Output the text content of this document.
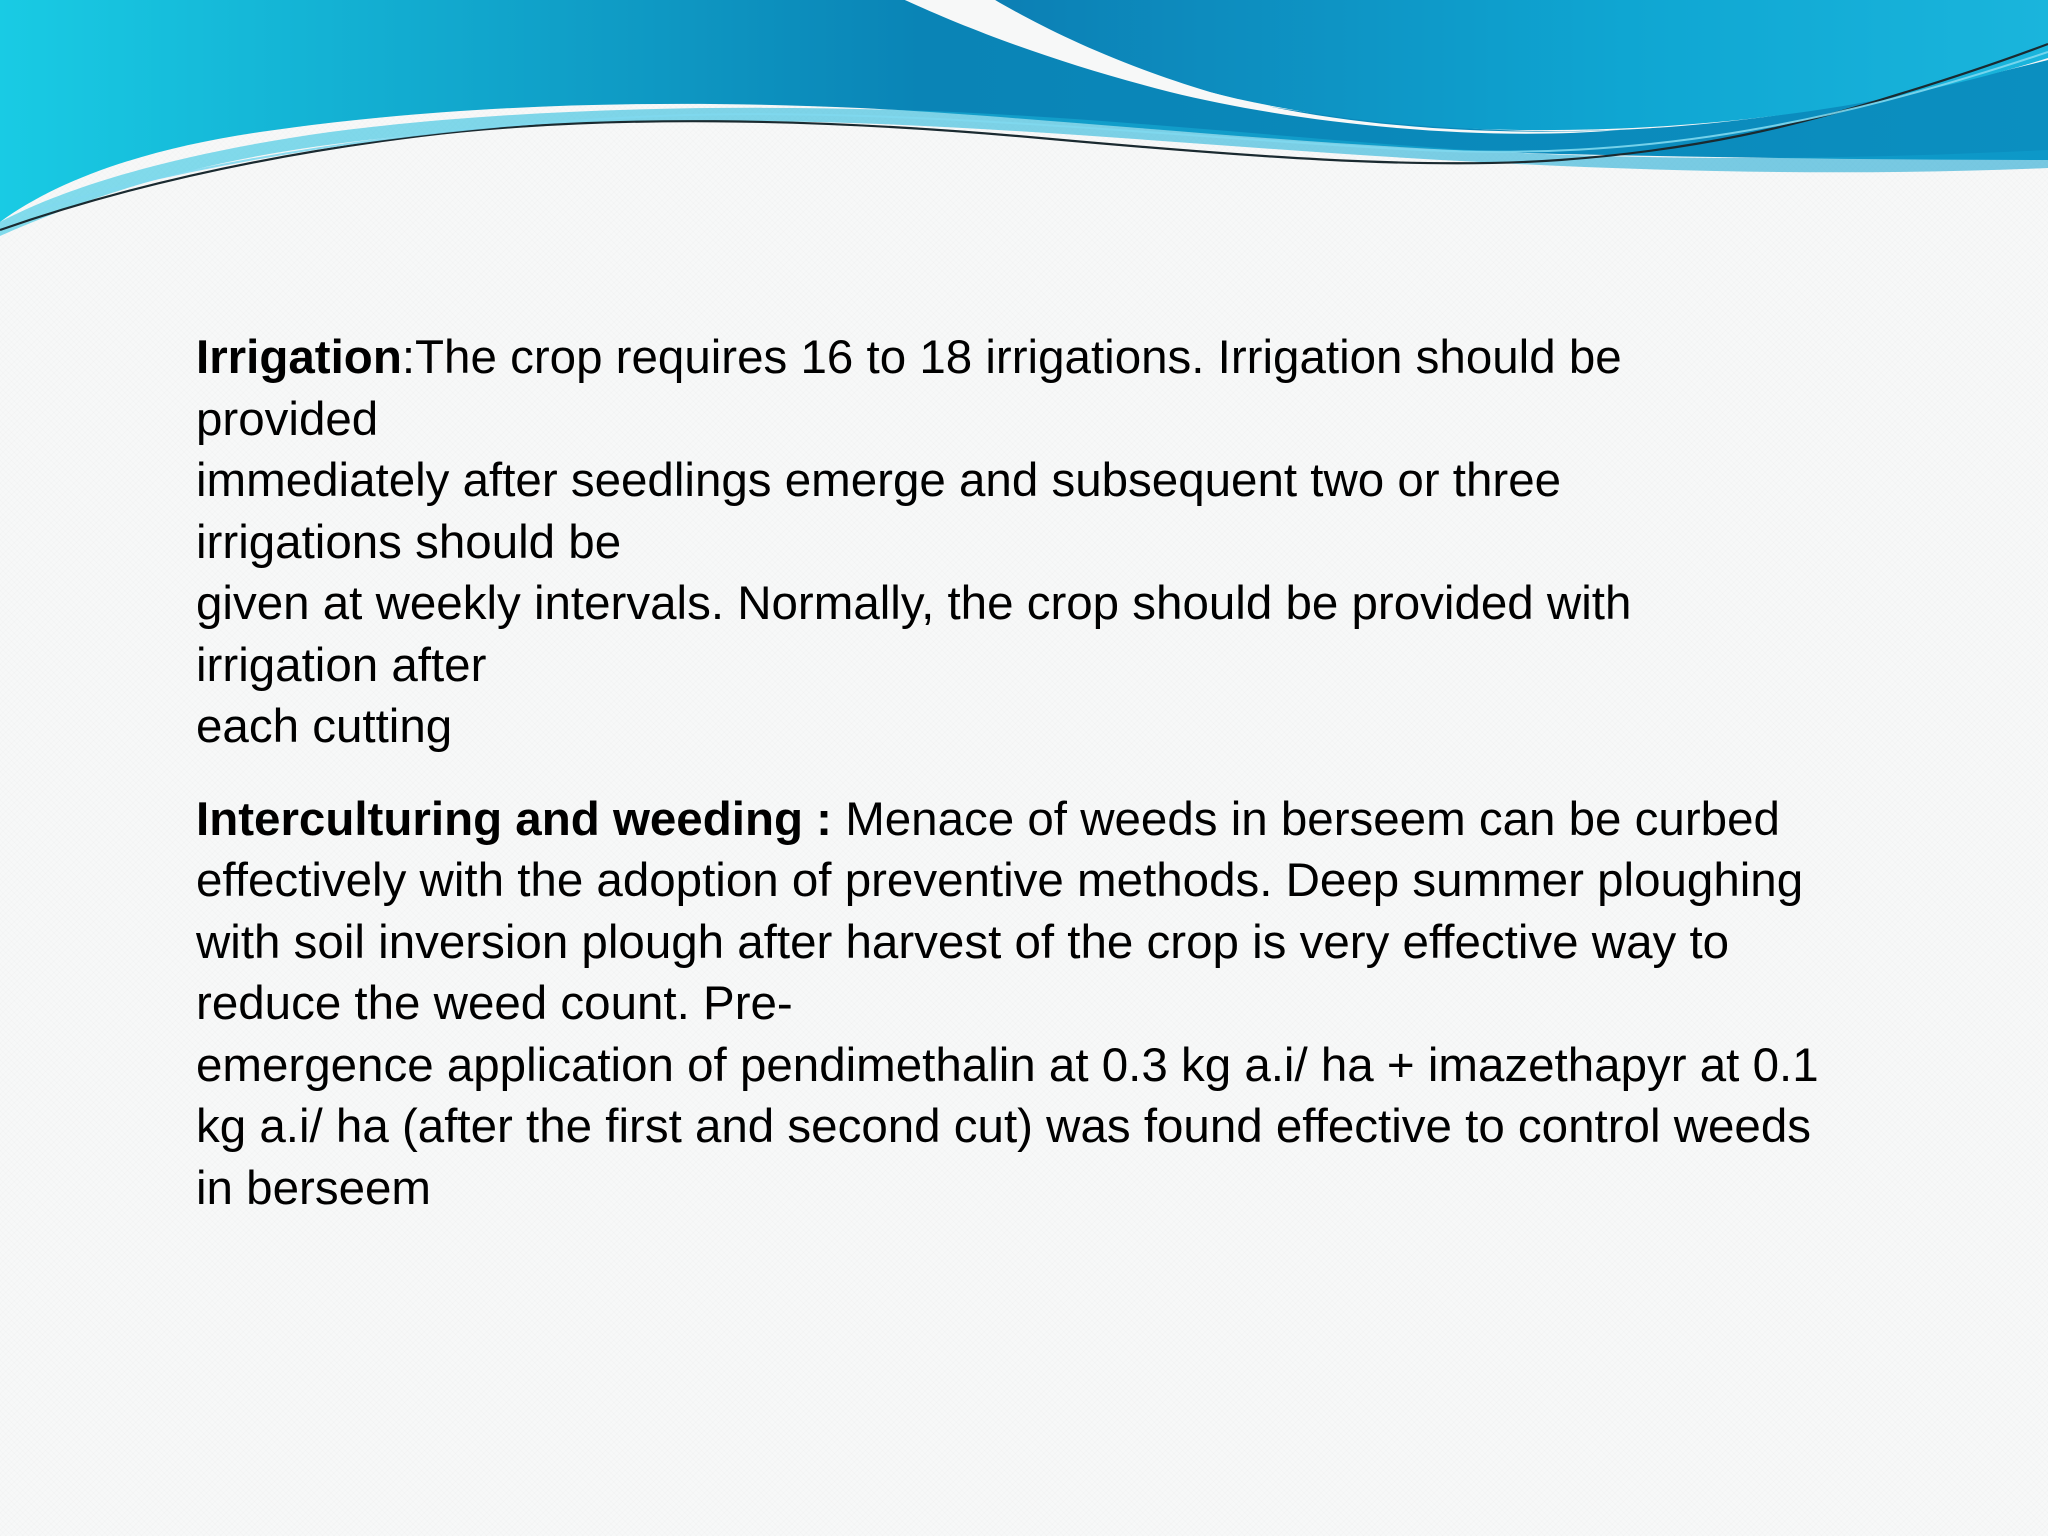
Irrigation:The crop requires 16 to 18 irrigations. Irrigation should be
provided
immediately after seedlings emerge and subsequent two or three
irrigations should be
given at weekly intervals. Normally, the crop should be provided with
irrigation after
each cutting

Interculturing and weeding : Menace of weeds in berseem can be curbed
effectively with the adoption of preventive methods. Deep summer ploughing
with soil inversion plough after harvest of the crop is very effective way to
reduce the weed count. Pre-
emergence application of pendimethalin at 0.3 kg a.i/ ha + imazethapyr at 0.1
kg a.i/ ha (after the first and second cut) was found effective to control weeds
in berseem
